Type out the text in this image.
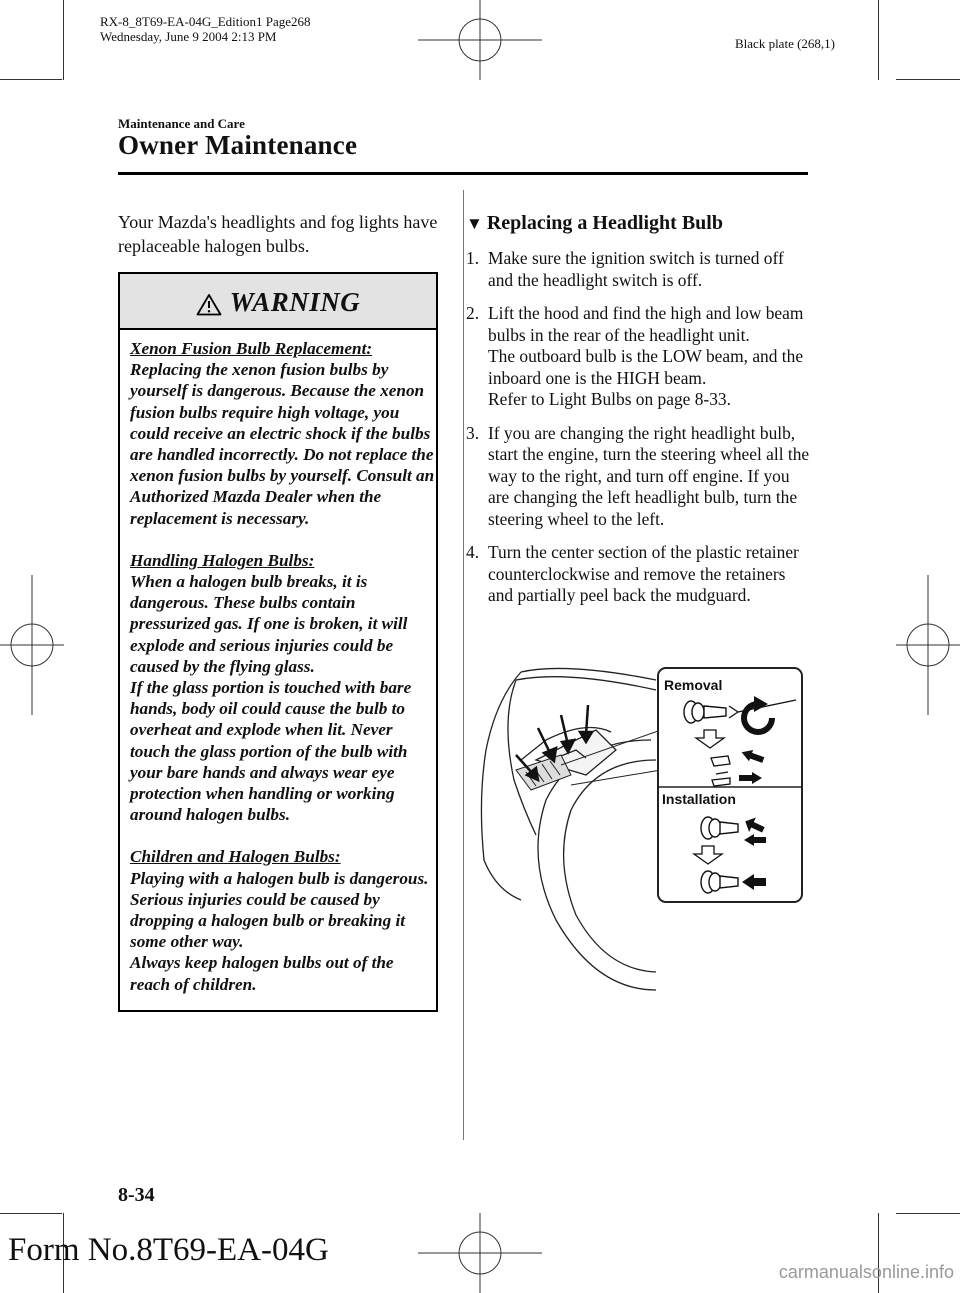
RX-8_8T69-EA-04G_Edition1 Page268
Wednesday, June 9 2004 2:13 PM	Black plate (268,1)
Maintenance and Care
Owner Maintenance
Your Mazda's headlights and fog lights have replaceable halogen bulbs.
WARNING

Xenon Fusion Bulb Replacement:
Replacing the xenon fusion bulbs by yourself is dangerous. Because the xenon fusion bulbs require high voltage, you could receive an electric shock if the bulbs are handled incorrectly. Do not replace the xenon fusion bulbs by yourself. Consult an Authorized Mazda Dealer when the replacement is necessary.

Handling Halogen Bulbs:
When a halogen bulb breaks, it is dangerous. These bulbs contain pressurized gas. If one is broken, it will explode and serious injuries could be caused by the flying glass.
If the glass portion is touched with bare hands, body oil could cause the bulb to overheat and explode when lit. Never touch the glass portion of the bulb with your bare hands and always wear eye protection when handling or working around halogen bulbs.

Children and Halogen Bulbs:
Playing with a halogen bulb is dangerous. Serious injuries could be caused by dropping a halogen bulb or breaking it some other way.
Always keep halogen bulbs out of the reach of children.

▼ Replacing a Headlight Bulb
1. Make sure the ignition switch is turned off and the headlight switch is off.
2. Lift the hood and find the high and low beam bulbs in the rear of the headlight unit.
The outboard bulb is the LOW beam, and the inboard one is the HIGH beam.
Refer to Light Bulbs on page 8-33.
3. If you are changing the right headlight bulb, start the engine, turn the steering wheel all the way to the right, and turn off engine. If you are changing the left headlight bulb, turn the steering wheel to the left.
4. Turn the center section of the plastic retainer counterclockwise and remove the retainers and partially peel back the mudguard.
Removal
Installation
8-34
Form No.8T69-EA-04G
carmanualsonline.info
